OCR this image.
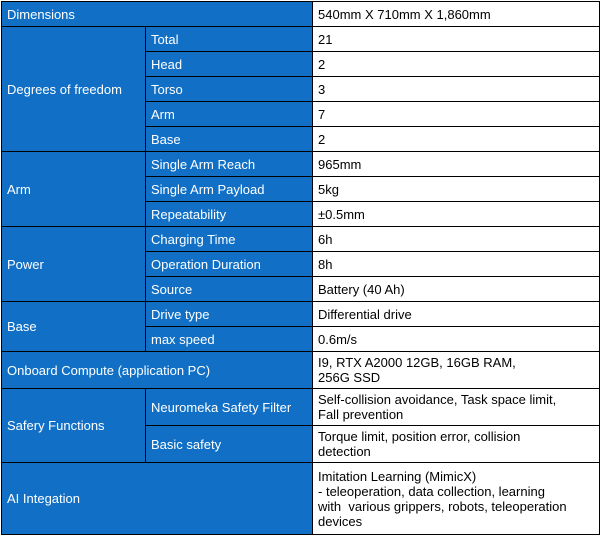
Dimensions		540mm X 710mm X 1,860mm
Degrees of freedom	Total	21
	Head	2
	Torso	3
	Arm	7
	Base	2
Arm	Single Arm Reach	965mm
	Single Arm Payload	5kg
	Repeatability	±0.5mm
Power	Charging Time	6h
	Operation Duration	8h
	Source	Battery (40 Ah)
Base	Drive type	Differential drive
	max speed	0.6m/s
Onboard Compute (application PC)		I9, RTX A2000 12GB, 16GB RAM,
256G SSD

Safery Functions	Neuromeka Safety Filter	Self-collision avoidance, Task space limit,
Fall prevention

	Basic safety	Torque limit, position error, collision
detection

AI Integation		Imitation Learning (MimicX)
- teleoperation, data collection, learning
with  various grippers, robots, teleoperation
devices
